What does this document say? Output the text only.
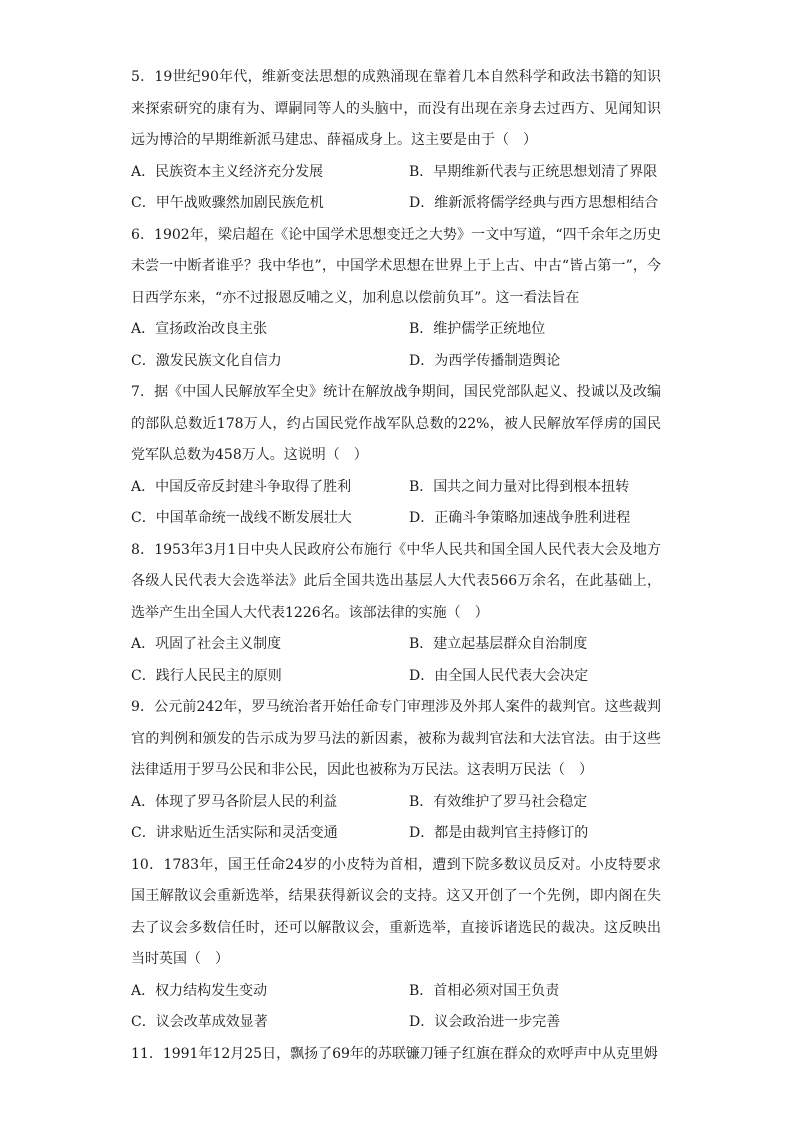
5．19世纪90年代，维新变法思想的成熟涌现在靠着几本自然科学和政法书籍的知识来探索研究的康有为、谭嗣同等人的头脑中，而没有出现在亲身去过西方、见闻知识远为博洽的早期维新派马建忠、薛福成身上。这主要是由于（　）

A．民族资本主义经济充分发展	B．早期维新代表与正统思想划清了界限
C．甲午战败骤然加剧民族危机	D．维新派将儒学经典与西方思想相结合

6．1902年，梁启超在《论中国学术思想变迁之大势》一文中写道，“四千余年之历史未尝一中断者谁乎？我中华也”，中国学术思想在世界上于上古、中古“皆占第一”，今日西学东来，“亦不过报恩反哺之义，加利息以偿前负耳”。这一看法旨在

A．宣扬政治改良主张	B．维护儒学正统地位
C．激发民族文化自信力	D．为西学传播制造舆论

7．据《中国人民解放军全史》统计在解放战争期间，国民党部队起义、投诚以及改编的部队总数近178万人，约占国民党作战军队总数的22%，被人民解放军俘虏的国民党军队总数为458万人。这说明（　）

A．中国反帝反封建斗争取得了胜利	B．国共之间力量对比得到根本扭转
C．中国革命统一战线不断发展壮大	D．正确斗争策略加速战争胜利进程

8．1953年3月1日中央人民政府公布施行《中华人民共和国全国人民代表大会及地方各级人民代表大会选举法》此后全国共选出基层人大代表566万余名，在此基础上，选举产生出全国人大代表1226名。该部法律的实施（　）

A．巩固了社会主义制度	B．建立起基层群众自治制度
C．践行人民民主的原则	D．由全国人民代表大会决定

9．公元前242年，罗马统治者开始任命专门审理涉及外邦人案件的裁判官。这些裁判官的判例和颁发的告示成为罗马法的新因素，被称为裁判官法和大法官法。由于这些法律适用于罗马公民和非公民，因此也被称为万民法。这表明万民法（　）

A．体现了罗马各阶层人民的利益	B．有效维护了罗马社会稳定
C．讲求贴近生活实际和灵活变通	D．都是由裁判官主持修订的

10．1783年，国王任命24岁的小皮特为首相，遭到下院多数议员反对。小皮特要求国王解散议会重新选举，结果获得新议会的支持。这又开创了一个先例，即内阁在失去了议会多数信任时，还可以解散议会，重新选举，直接诉诸选民的裁决。这反映出当时英国（　）

A．权力结构发生变动	B．首相必须对国王负责
C．议会改革成效显著	D．议会政治进一步完善

11．1991年12月25日，飘扬了69年的苏联镰刀锤子红旗在群众的欢呼声中从克里姆
